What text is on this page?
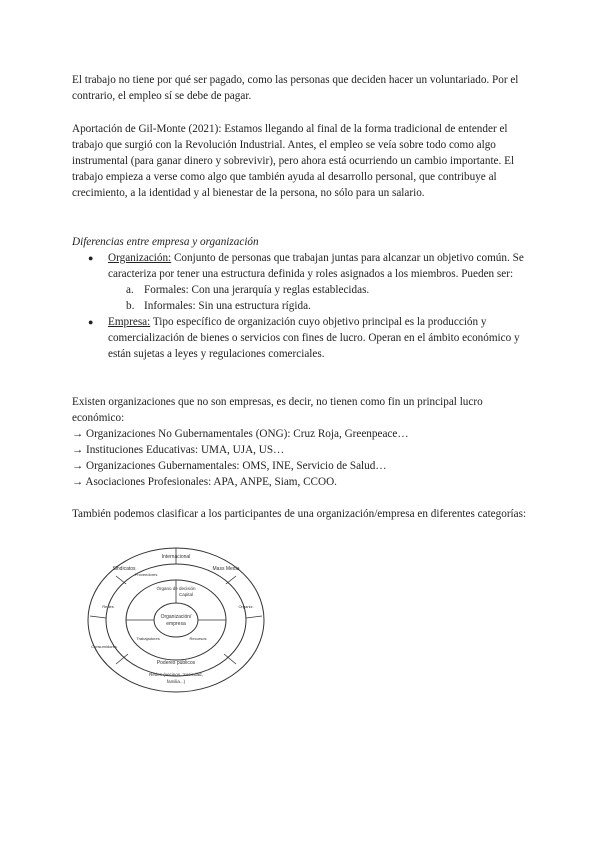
El trabajo no tiene por qué ser pagado, como las personas que deciden hacer un voluntariado. Por el contrario, el empleo sí se debe de pagar.

Aportación de Gil-Monte (2021): Estamos llegando al final de la forma tradicional de entender el trabajo que surgió con la Revolución Industrial. Antes, el empleo se veía sobre todo como algo instrumental (para ganar dinero y sobrevivir), pero ahora está ocurriendo un cambio importante. El trabajo empieza a verse como algo que también ayuda al desarrollo personal, que contribuye al crecimiento, a la identidad y al bienestar de la persona, no sólo para un salario.

Diferencias entre empresa y organización

● Organización: Conjunto de personas que trabajan juntas para alcanzar un objetivo común. Se caracteriza por tener una estructura definida y roles asignados a los miembros. Pueden ser:
a. Formales: Con una jerarquía y reglas establecidas.
b. Informales: Sin una estructura rígida.
● Empresa: Tipo específico de organización cuyo objetivo principal es la producción y comercialización de bienes o servicios con fines de lucro. Operan en el ámbito económico y están sujetas a leyes y regulaciones comerciales.

Existen organizaciones que no son empresas, es decir, no tienen como fin un principal lucro económico:

→ Organizaciones No Gubernamentales (ONG): Cruz Roja, Greenpeace…
→ Instituciones Educativas: UMA, UJA, US…
→ Organizaciones Gubernamentales: OMS, INE, Servicio de Salud…
→ Asociaciones Profesionales: APA, ANPE, Siam, CCOO.

También podemos clasificar a los participantes de una organización/empresa en diferentes categorías:

Organización/
empresa
Órgano de decisión
Capital
Trabajadores	Recursos
Internacional
Sindicatos	Mass Media
Organiz.
Poderes públicos
Consumidores
Redes
Proveedores
Redes (vecinos, 'sociedad,
familia...)
